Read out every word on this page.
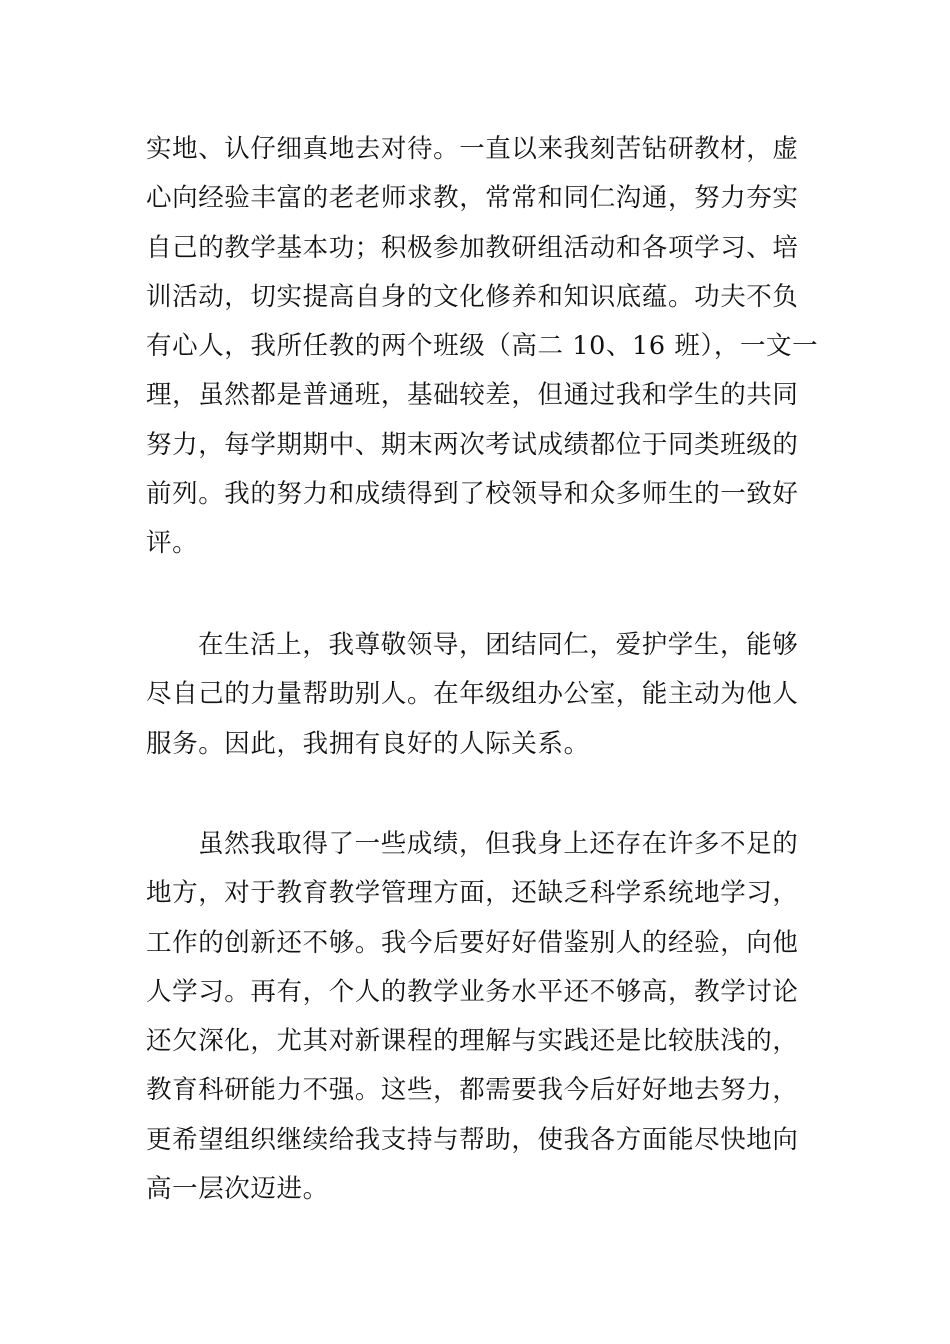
实地、认仔细真地去对待。一直以来我刻苦钻研教材，虚
心向经验丰富的老老师求教，常常和同仁沟通，努力夯实
自己的教学基本功；积极参加教研组活动和各项学习、培
训活动，切实提高自身的文化修养和知识底蕴。功夫不负
有心人，我所任教的两个班级（高二 10、16 班），一文一
理，虽然都是普通班，基础较差，但通过我和学生的共同
努力，每学期期中、期末两次考试成绩都位于同类班级的
前列。我的努力和成绩得到了校领导和众多师生的一致好
评。
在生活上，我尊敬领导，团结同仁，爱护学生，能够
尽自己的力量帮助别人。在年级组办公室，能主动为他人
服务。因此，我拥有良好的人际关系。
虽然我取得了一些成绩，但我身上还存在许多不足的
地方，对于教育教学管理方面，还缺乏科学系统地学习，
工作的创新还不够。我今后要好好借鉴别人的经验，向他
人学习。再有，个人的教学业务水平还不够高，教学讨论
还欠深化，尤其对新课程的理解与实践还是比较肤浅的，
教育科研能力不强。这些，都需要我今后好好地去努力，
更希望组织继续给我支持与帮助，使我各方面能尽快地向
高一层次迈进。
